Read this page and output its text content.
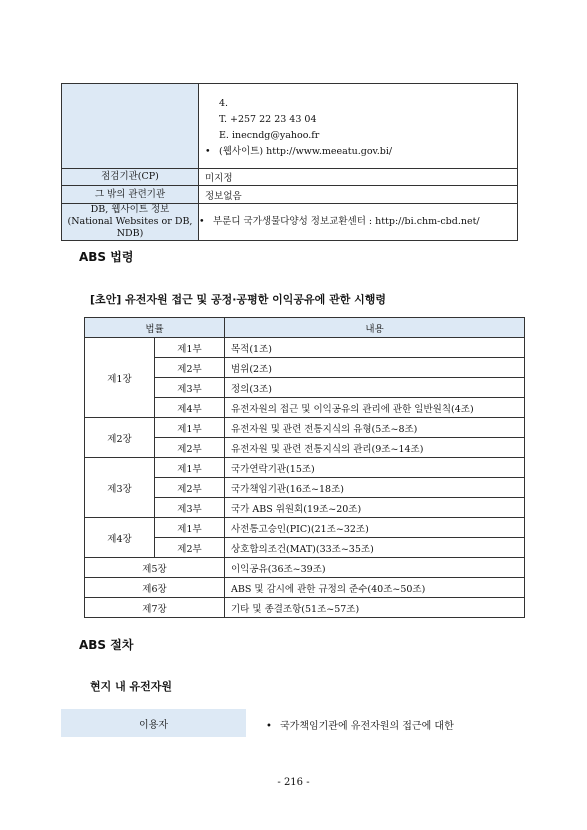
	4.
T. +257 22 23 43 04
E. inecndg@yahoo.fr
• (웹사이트) http://www.meeatu.gov.bi/

점검기관(CP)	미지정
그 밖의 관련기관	정보없음

DB, 웹사이트 정보
(National Websites or DB, NDB)	• 부룬디 국가생물다양성 정보교환센터 : http://bi.chm-cbd.net/
ABS 법령
[초안] 유전자원 접근 및 공정·공평한 이익공유에 관한 시행령
법률		내용
제1장	제1부	목적(1조)
	제2부	범위(2조)
	제3부	정의(3조)
	제4부	유전자원의 접근 및 이익공유의 관리에 관한 일반원칙(4조)
제2장	제1부	유전자원 및 관련 전통지식의 유형(5조~8조)
	제2부	유전자원 및 관련 전통지식의 관리(9조~14조)
제3장	제1부	국가연락기관(15조)
	제2부	국가책임기관(16조~18조)
	제3부	국가 ABS 위원회(19조~20조)
제4장	제1부	사전통고승인(PIC)(21조~32조)
	제2부	상호합의조건(MAT)(33조~35조)
제5장		이익공유(36조~39조)
제6장		ABS 및 감시에 관한 규정의 준수(40조~50조)
제7장		기타 및 종결조항(51조~57조)
ABS 절차
현지 내 유전자원
이용자	• 국가책임기관에 유전자원의 접근에 대한
- 216 -
